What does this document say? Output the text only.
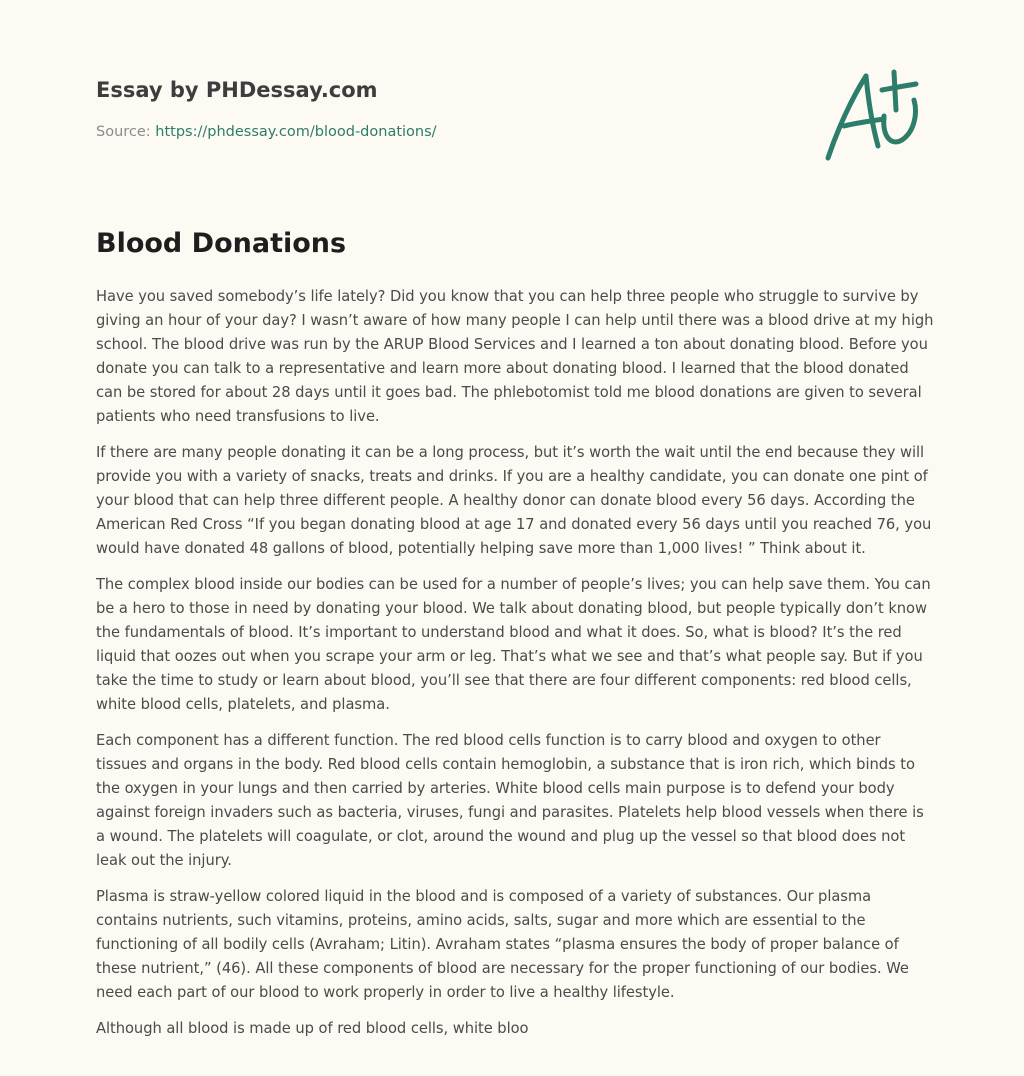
Essay by PHDessay.com
Source: https://phdessay.com/blood-donations/
Blood Donations

Have you saved somebody’s life lately? Did you know that you can help three people who struggle to survive by giving an hour of your day? I wasn’t aware of how many people I can help until there was a blood drive at my high school. The blood drive was run by the ARUP Blood Services and I learned a ton about donating blood. Before you donate you can talk to a representative and learn more about donating blood. I learned that the blood donated can be stored for about 28 days until it goes bad. The phlebotomist told me blood donations are given to several patients who need transfusions to live.

If there are many people donating it can be a long process, but it’s worth the wait until the end because they will provide you with a variety of snacks, treats and drinks. If you are a healthy candidate, you can donate one pint of your blood that can help three different people. A healthy donor can donate blood every 56 days. According the American Red Cross “If you began donating blood at age 17 and donated every 56 days until you reached 76, you would have donated 48 gallons of blood, potentially helping save more than 1,000 lives! ” Think about it.

The complex blood inside our bodies can be used for a number of people’s lives; you can help save them. You can be a hero to those in need by donating your blood. We talk about donating blood, but people typically don’t know the fundamentals of blood. It’s important to understand blood and what it does. So, what is blood? It’s the red liquid that oozes out when you scrape your arm or leg. That’s what we see and that’s what people say. But if you take the time to study or learn about blood, you’ll see that there are four different components: red blood cells, white blood cells, platelets, and plasma.

Each component has a different function. The red blood cells function is to carry blood and oxygen to other tissues and organs in the body. Red blood cells contain hemoglobin, a substance that is iron rich, which binds to the oxygen in your lungs and then carried by arteries. White blood cells main purpose is to defend your body against foreign invaders such as bacteria, viruses, fungi and parasites. Platelets help blood vessels when there is a wound. The platelets will coagulate, or clot, around the wound and plug up the vessel so that blood does not leak out the injury.

Plasma is straw-yellow colored liquid in the blood and is composed of a variety of substances. Our plasma contains nutrients, such vitamins, proteins, amino acids, salts, sugar and more which are essential to the functioning of all bodily cells (Avraham; Litin). Avraham states “plasma ensures the body of proper balance of these nutrient,” (46). All these components of blood are necessary for the proper functioning of our bodies. We need each part of our blood to work properly in order to live a healthy lifestyle.

Although all blood is made up of red blood cells, white bloo
